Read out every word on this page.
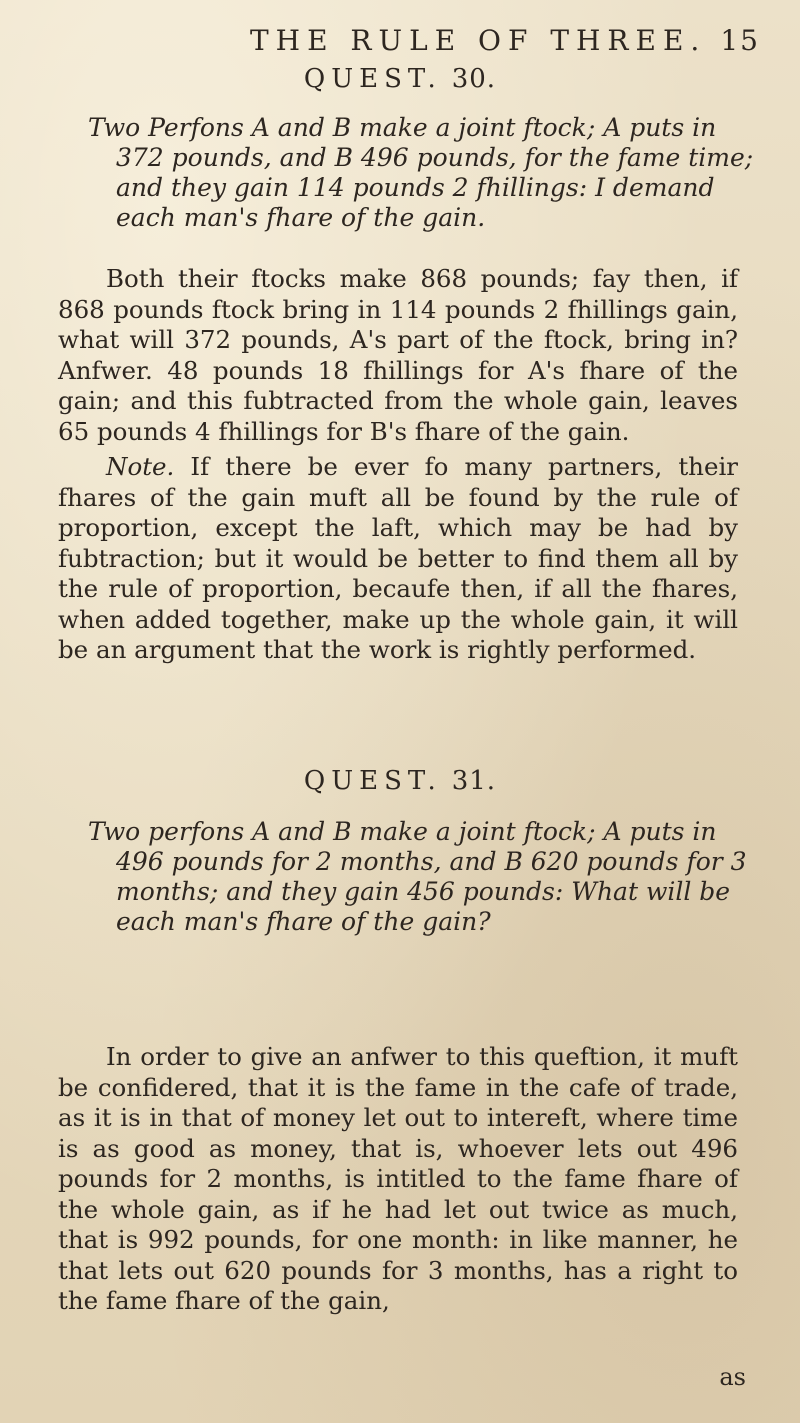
THE RULE OF THREE. 15

QUEST. 30.

Two Perfons A and B make a joint ftock; A puts in 372 pounds, and B 496 pounds, for the fame time; and they gain 114 pounds 2 fhillings: I demand each man's fhare of the gain.

Both their ftocks make 868 pounds; fay then, if 868 pounds ftock bring in 114 pounds 2 fhillings gain, what will 372 pounds, A's part of the ftock, bring in? Anfwer. 48 pounds 18 fhillings for A's fhare of the gain; and this fubtracted from the whole gain, leaves 65 pounds 4 fhillings for B's fhare of the gain.

Note. If there be ever fo many partners, their fhares of the gain muft all be found by the rule of proportion, except the laft, which may be had by fubtraction; but it would be better to find them all by the rule of proportion, becaufe then, if all the fhares, when added together, make up the whole gain, it will be an argument that the work is rightly performed.

QUEST. 31.

Two perfons A and B make a joint ftock; A puts in 496 pounds for 2 months, and B 620 pounds for 3 months; and they gain 456 pounds: What will be each man's fhare of the gain?

In order to give an anfwer to this queftion, it muft be confidered, that it is the fame in the cafe of trade, as it is in that of money let out to intereft, where time is as good as money, that is, whoever lets out 496 pounds for 2 months, is intitled to the fame fhare of the whole gain, as if he had let out twice as much, that is 992 pounds, for one month: in like manner, he that lets out 620 pounds for 3 months, has a right to the fame fhare of the gain,

as
